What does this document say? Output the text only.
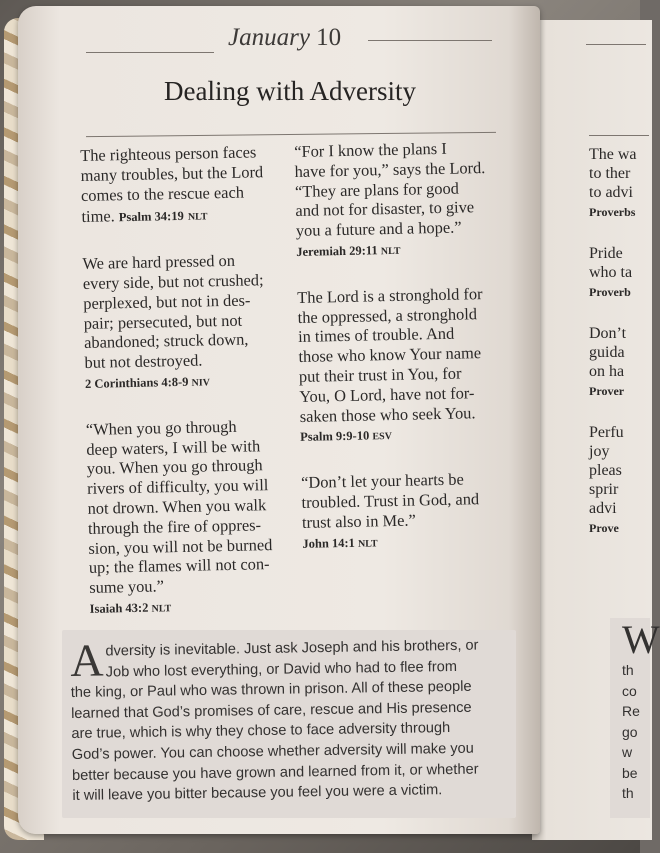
January 10
Dealing with Adversity

The righteous person faces

many troubles, but the Lord

comes to the rescue each

time. Psalm 34:19 NLT

We are hard pressed on

every side, but not crushed;

perplexed, but not in des-

pair; persecuted, but not

abandoned; struck down,

but not destroyed.

2 Corinthians 4:8-9 NIV

“When you go through

deep waters, I will be with

you. When you go through

rivers of difficulty, you will

not drown. When you walk

through the fire of oppres-

sion, you will not be burned

up; the flames will not con-

sume you.”

Isaiah 43:2 NLT

“For I know the plans I

have for you,” says the Lord.

“They are plans for good

and not for disaster, to give

you a future and a hope.”

Jeremiah 29:11 NLT

The Lord is a stronghold for

the oppressed, a stronghold

in times of trouble. And

those who know Your name

put their trust in You, for

You, O Lord, have not for-

saken those who seek You.

Psalm 9:9-10 ESV

“Don’t let your hearts be

troubled. Trust in God, and

trust also in Me.”

John 14:1 NLT

The wa
to ther
to advi
Proverbs
Pride
who ta
Proverb
Don’t
guida
on ha
Prover
Perfu
joy
pleas
sprir
advi
Prove
A dversity is inevitable. Just ask Joseph and his brothers, or
Job who lost everything, or David who had to flee from
the king, or Paul who was thrown in prison. All of these people
learned that God’s promises of care, rescue and His presence
are true, which is why they chose to face adversity through
God’s power. You can choose whether adversity will make you
better because you have grown and learned from it, or whether
it will leave you bitter because you feel you were a victim.
W
th
co
Re
go
w
be
th
